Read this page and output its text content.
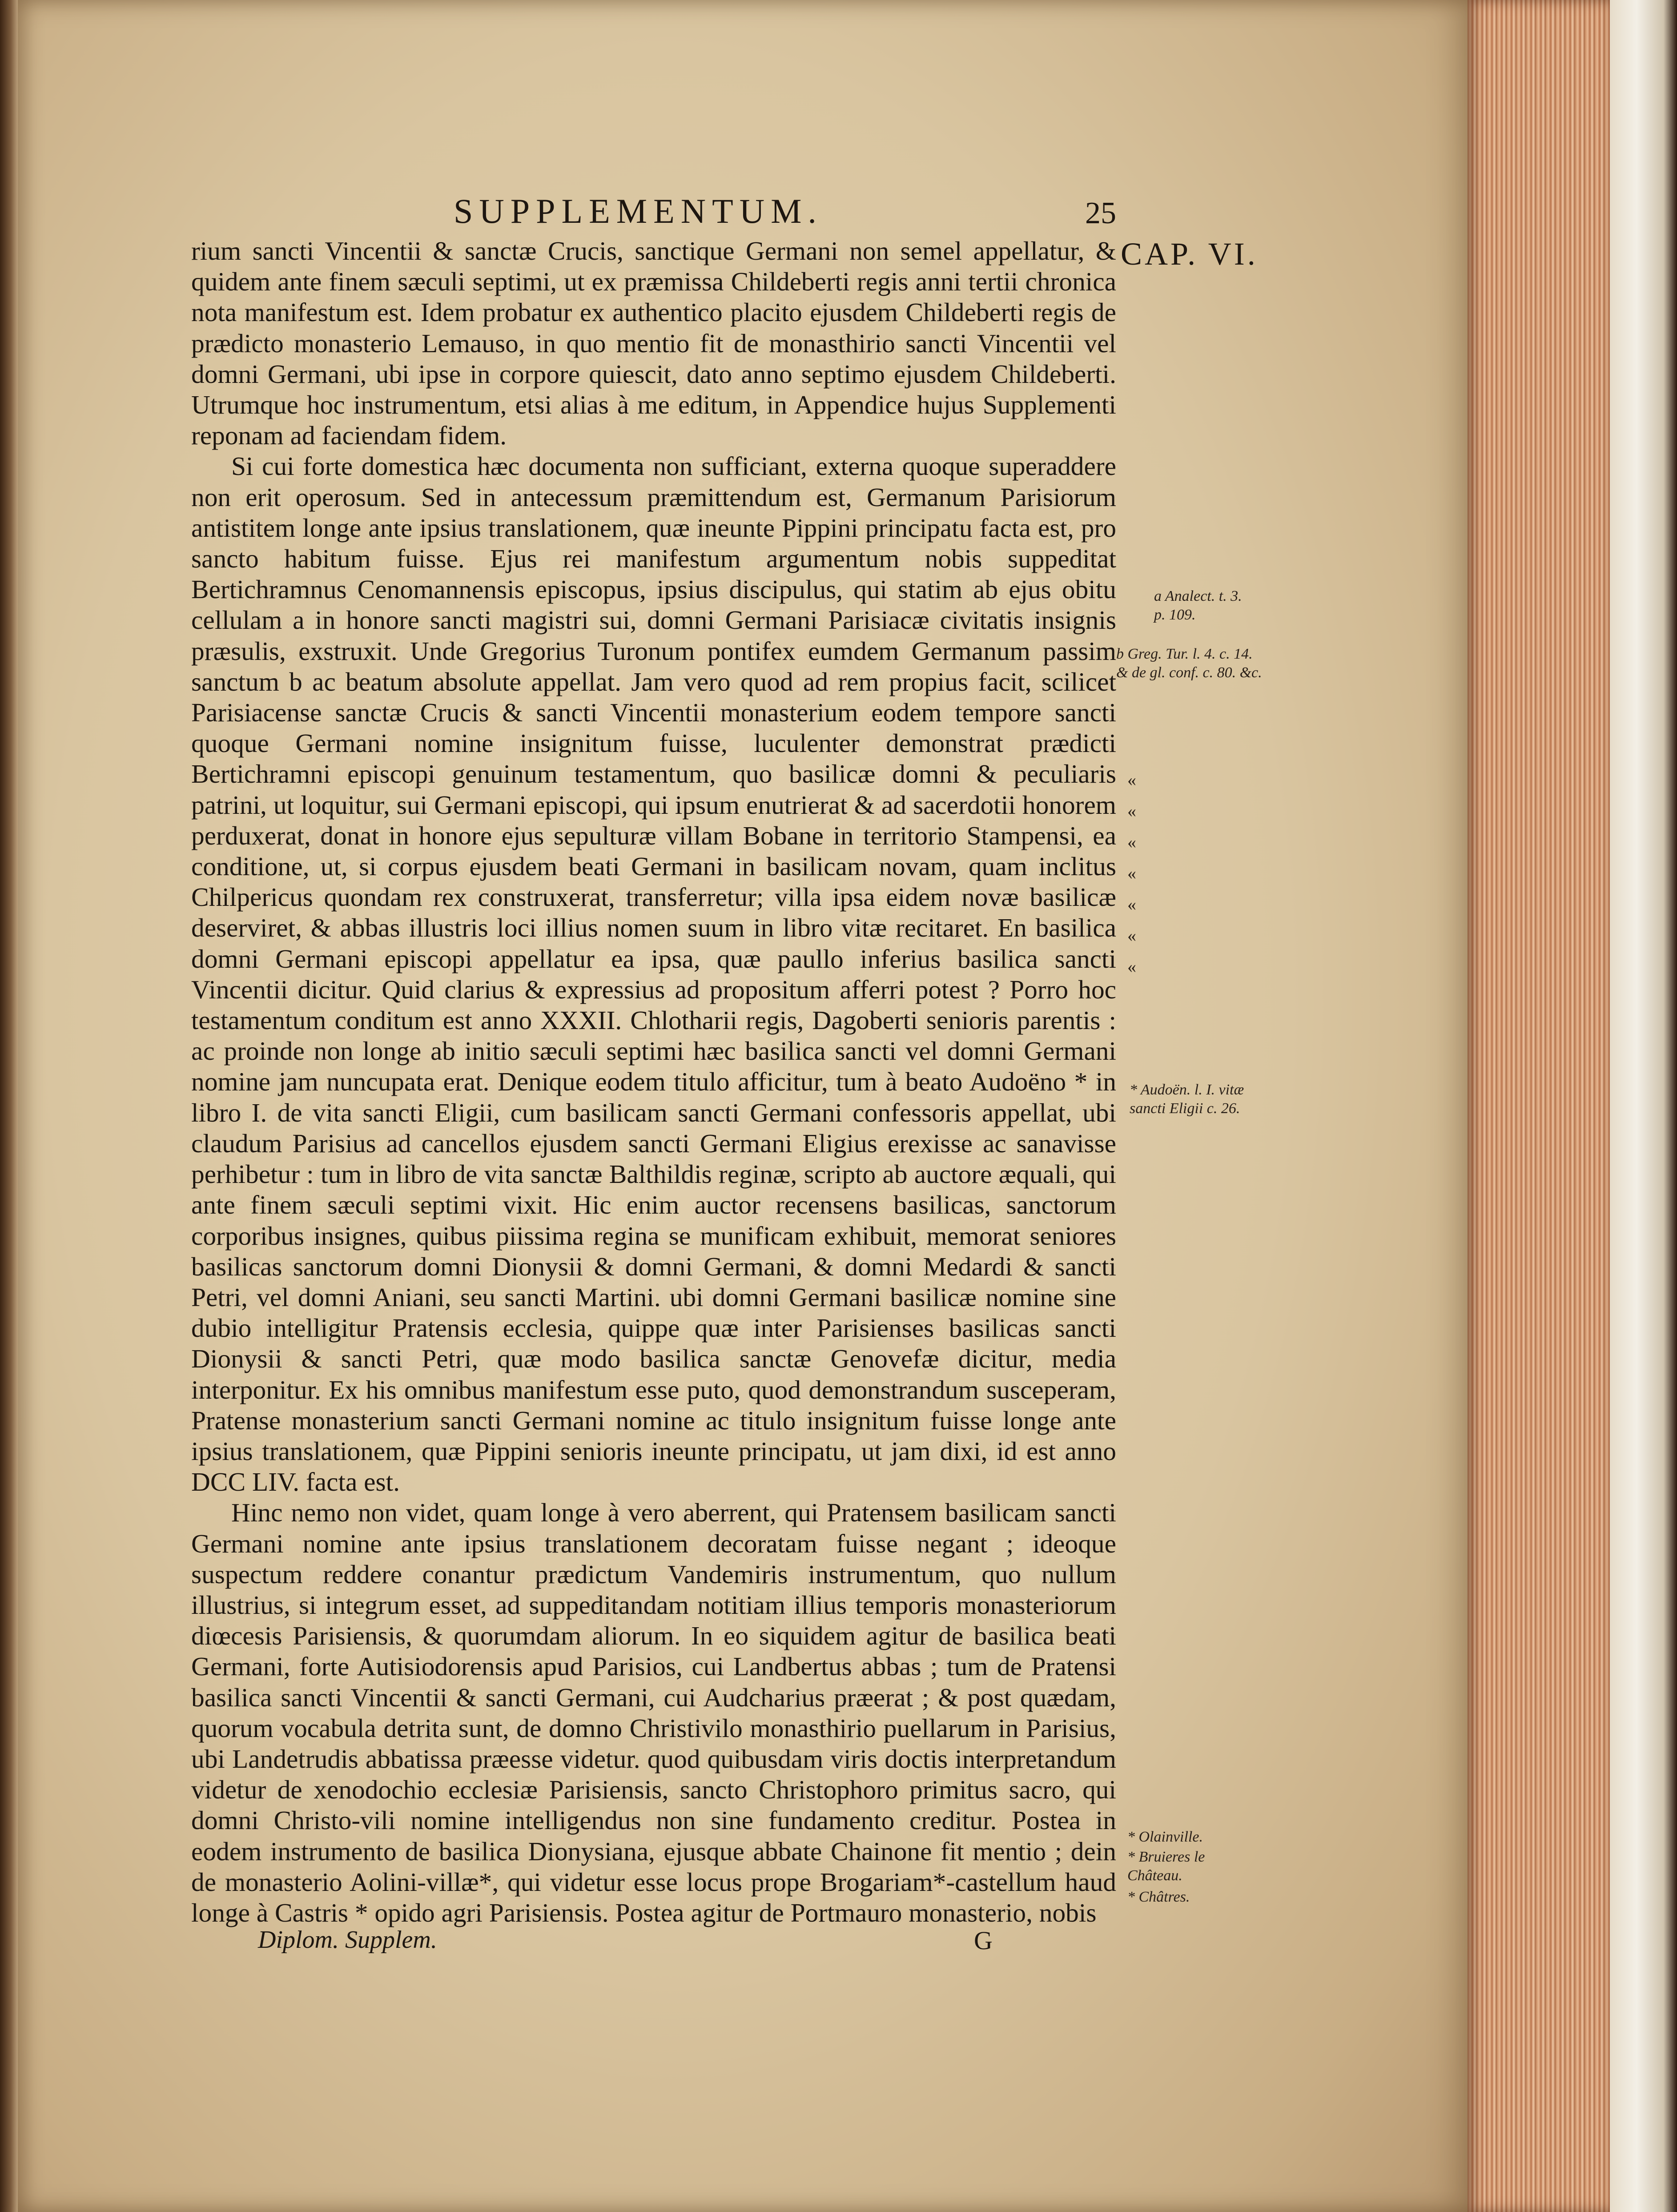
SUPPLEMENTUM.	25
CAP. VI.

rium sancti Vincentii & sanctæ Crucis, sanctique Germani non semel appellatur, & quidem ante finem sæculi septimi, ut ex præmissa Childeberti regis anni tertii chronica nota manifestum est. Idem probatur ex authentico placito ejusdem Childeberti regis de prædicto monasterio Lemauso, in quo mentio fit de monasthirio sancti Vincentii vel domni Germani, ubi ipse in corpore quiescit, dato anno septimo ejusdem Childeberti. Utrumque hoc instrumentum, etsi alias à me editum, in Appendice hujus Supplementi reponam ad faciendam fidem.

Si cui forte domestica hæc documenta non sufficiant, externa quoque superaddere non erit operosum. Sed in antecessum præmittendum est, Germanum Parisiorum antistitem longe ante ipsius translationem, quæ ineunte Pippini principatu facta est, pro sancto habitum fuisse. Ejus rei manifestum argumentum nobis suppeditat Bertichramnus Cenomannensis episcopus, ipsius discipulus, qui statim ab ejus obitu cellulam a in honore sancti magistri sui, domni Germani Parisiacæ civitatis insignis præsulis, exstruxit. Unde Gregorius Turonum pontifex eumdem Germanum passim sanctum b ac beatum absolute appellat. Jam vero quod ad rem propius facit, scilicet Parisiacense sanctæ Crucis & sancti Vincentii monasterium eodem tempore sancti quoque Germani nomine insignitum fuisse, luculenter demonstrat prædicti Bertichramni episcopi genuinum testamentum, quo basilicæ domni & peculiaris patrini, ut loquitur, sui Germani episcopi, qui ipsum enutrierat & ad sacerdotii honorem perduxerat, donat in honore ejus sepulturæ villam Bobane in territorio Stampensi, ea conditione, ut, si corpus ejusdem beati Germani in basilicam novam, quam inclitus Chilpericus quondam rex construxerat, transferretur; villa ipsa eidem novæ basilicæ deserviret, & abbas illustris loci illius nomen suum in libro vitæ recitaret. En basilica domni Germani episcopi appellatur ea ipsa, quæ paullo inferius basilica sancti Vincentii dicitur. Quid clarius & expressius ad propositum afferri potest ? Porro hoc testamentum conditum est anno XXXII. Chlotharii regis, Dagoberti senioris parentis : ac proinde non longe ab initio sæculi septimi hæc basilica sancti vel domni Germani nomine jam nuncupata erat. Denique eodem titulo afficitur, tum à beato Audoëno * in libro I. de vita sancti Eligii, cum basilicam sancti Germani confessoris appellat, ubi claudum Parisius ad cancellos ejusdem sancti Germani Eligius erexisse ac sanavisse perhibetur : tum in libro de vita sanctæ Balthildis reginæ, scripto ab auctore æquali, qui ante finem sæculi septimi vixit. Hic enim auctor recensens basilicas, sanctorum corporibus insignes, quibus piissima regina se munificam exhibuit, memorat seniores basilicas sanctorum domni Dionysii & domni Germani, & domni Medardi & sancti Petri, vel domni Aniani, seu sancti Martini. ubi domni Germani basilicæ nomine sine dubio intelligitur Pratensis ecclesia, quippe quæ inter Parisienses basilicas sancti Dionysii & sancti Petri, quæ modo basilica sanctæ Genovefæ dicitur, media interponitur. Ex his omnibus manifestum esse puto, quod demonstrandum susceperam, Pratense monasterium sancti Germani nomine ac titulo insignitum fuisse longe ante ipsius translationem, quæ Pippini senioris ineunte principatu, ut jam dixi, id est anno DCC LIV. facta est.

Hinc nemo non videt, quam longe à vero aberrent, qui Pratensem basilicam sancti Germani nomine ante ipsius translationem decoratam fuisse negant ; ideoque suspectum reddere conantur prædictum Vandemiris instrumentum, quo nullum illustrius, si integrum esset, ad suppeditandam notitiam illius temporis monasteriorum diœcesis Parisiensis, & quorumdam aliorum. In eo siquidem agitur de basilica beati Germani, forte Autisiodorensis apud Parisios, cui Landbertus abbas ; tum de Pratensi basilica sancti Vincentii & sancti Germani, cui Audcharius præerat ; & post quædam, quorum vocabula detrita sunt, de domno Christivilo monasthirio puellarum in Parisius, ubi Landetrudis abbatissa præesse videtur. quod quibusdam viris doctis interpretandum videtur de xenodochio ecclesiæ Parisiensis, sancto Christophoro primitus sacro, qui domni Christo-vili nomine intelligendus non sine fundamento creditur. Postea in eodem instrumento de basilica Dionysiana, ejusque abbate Chainone fit mentio ; dein de monasterio Aolini-villæ*, qui videtur esse locus prope Brogariam*-castellum haud longe à Castris * opido agri Parisiensis. Postea agitur de Portmauro monasterio, nobis

a Analect. t. 3. p. 109.
b Greg. Tur. l. 4. c. 14. & de gl. conf. c. 80. &c.
«
«
«
«
«
«
«
* Audoën. l. I. vitæ sancti Eligii c. 26.
* Olainville.
* Bruieres le Château.
* Châtres.
Diplom. Supplem.	G
